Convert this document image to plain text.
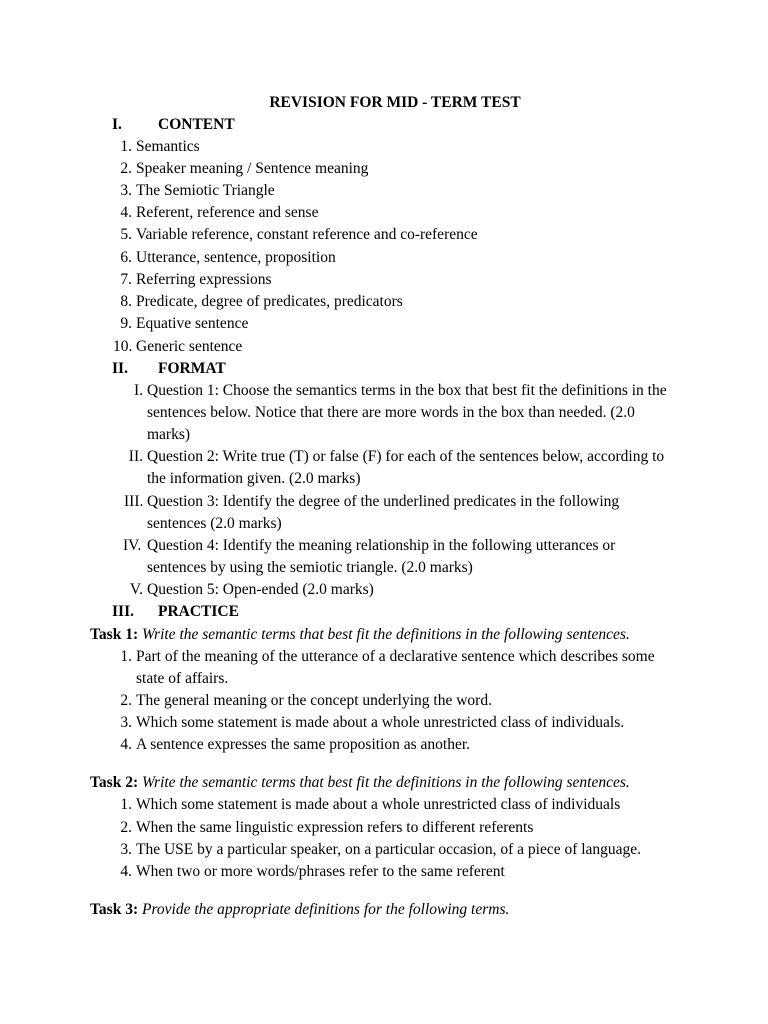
REVISION FOR MID - TERM TEST
I. CONTENT
1. Semantics
2. Speaker meaning / Sentence meaning
3. The Semiotic Triangle
4. Referent, reference and sense
5. Variable reference, constant reference and co-reference
6. Utterance, sentence, proposition
7. Referring expressions
8. Predicate, degree of predicates, predicators
9. Equative sentence
10. Generic sentence
II. FORMAT
I. Question 1: Choose the semantics terms in the box that best fit the definitions in the
sentences below. Notice that there are more words in the box than needed. (2.0
marks)
II. Question 2: Write true (T) or false (F) for each of the sentences below, according to
the information given. (2.0 marks)
III. Question 3: Identify the degree of the underlined predicates in the following
sentences (2.0 marks)
IV. Question 4: Identify the meaning relationship in the following utterances or
sentences by using the semiotic triangle. (2.0 marks)
V. Question 5: Open-ended (2.0 marks)
III. PRACTICE
Task 1: Write the semantic terms that best fit the definitions in the following sentences.
1. Part of the meaning of the utterance of a declarative sentence which describes some
state of affairs.
2. The general meaning or the concept underlying the word.
3. Which some statement is made about a whole unrestricted class of individuals.
4. A sentence expresses the same proposition as another.
Task 2: Write the semantic terms that best fit the definitions in the following sentences.
1. Which some statement is made about a whole unrestricted class of individuals
2. When the same linguistic expression refers to different referents
3. The USE by a particular speaker, on a particular occasion, of a piece of language.
4. When two or more words/phrases refer to the same referent
Task 3: Provide the appropriate definitions for the following terms.
